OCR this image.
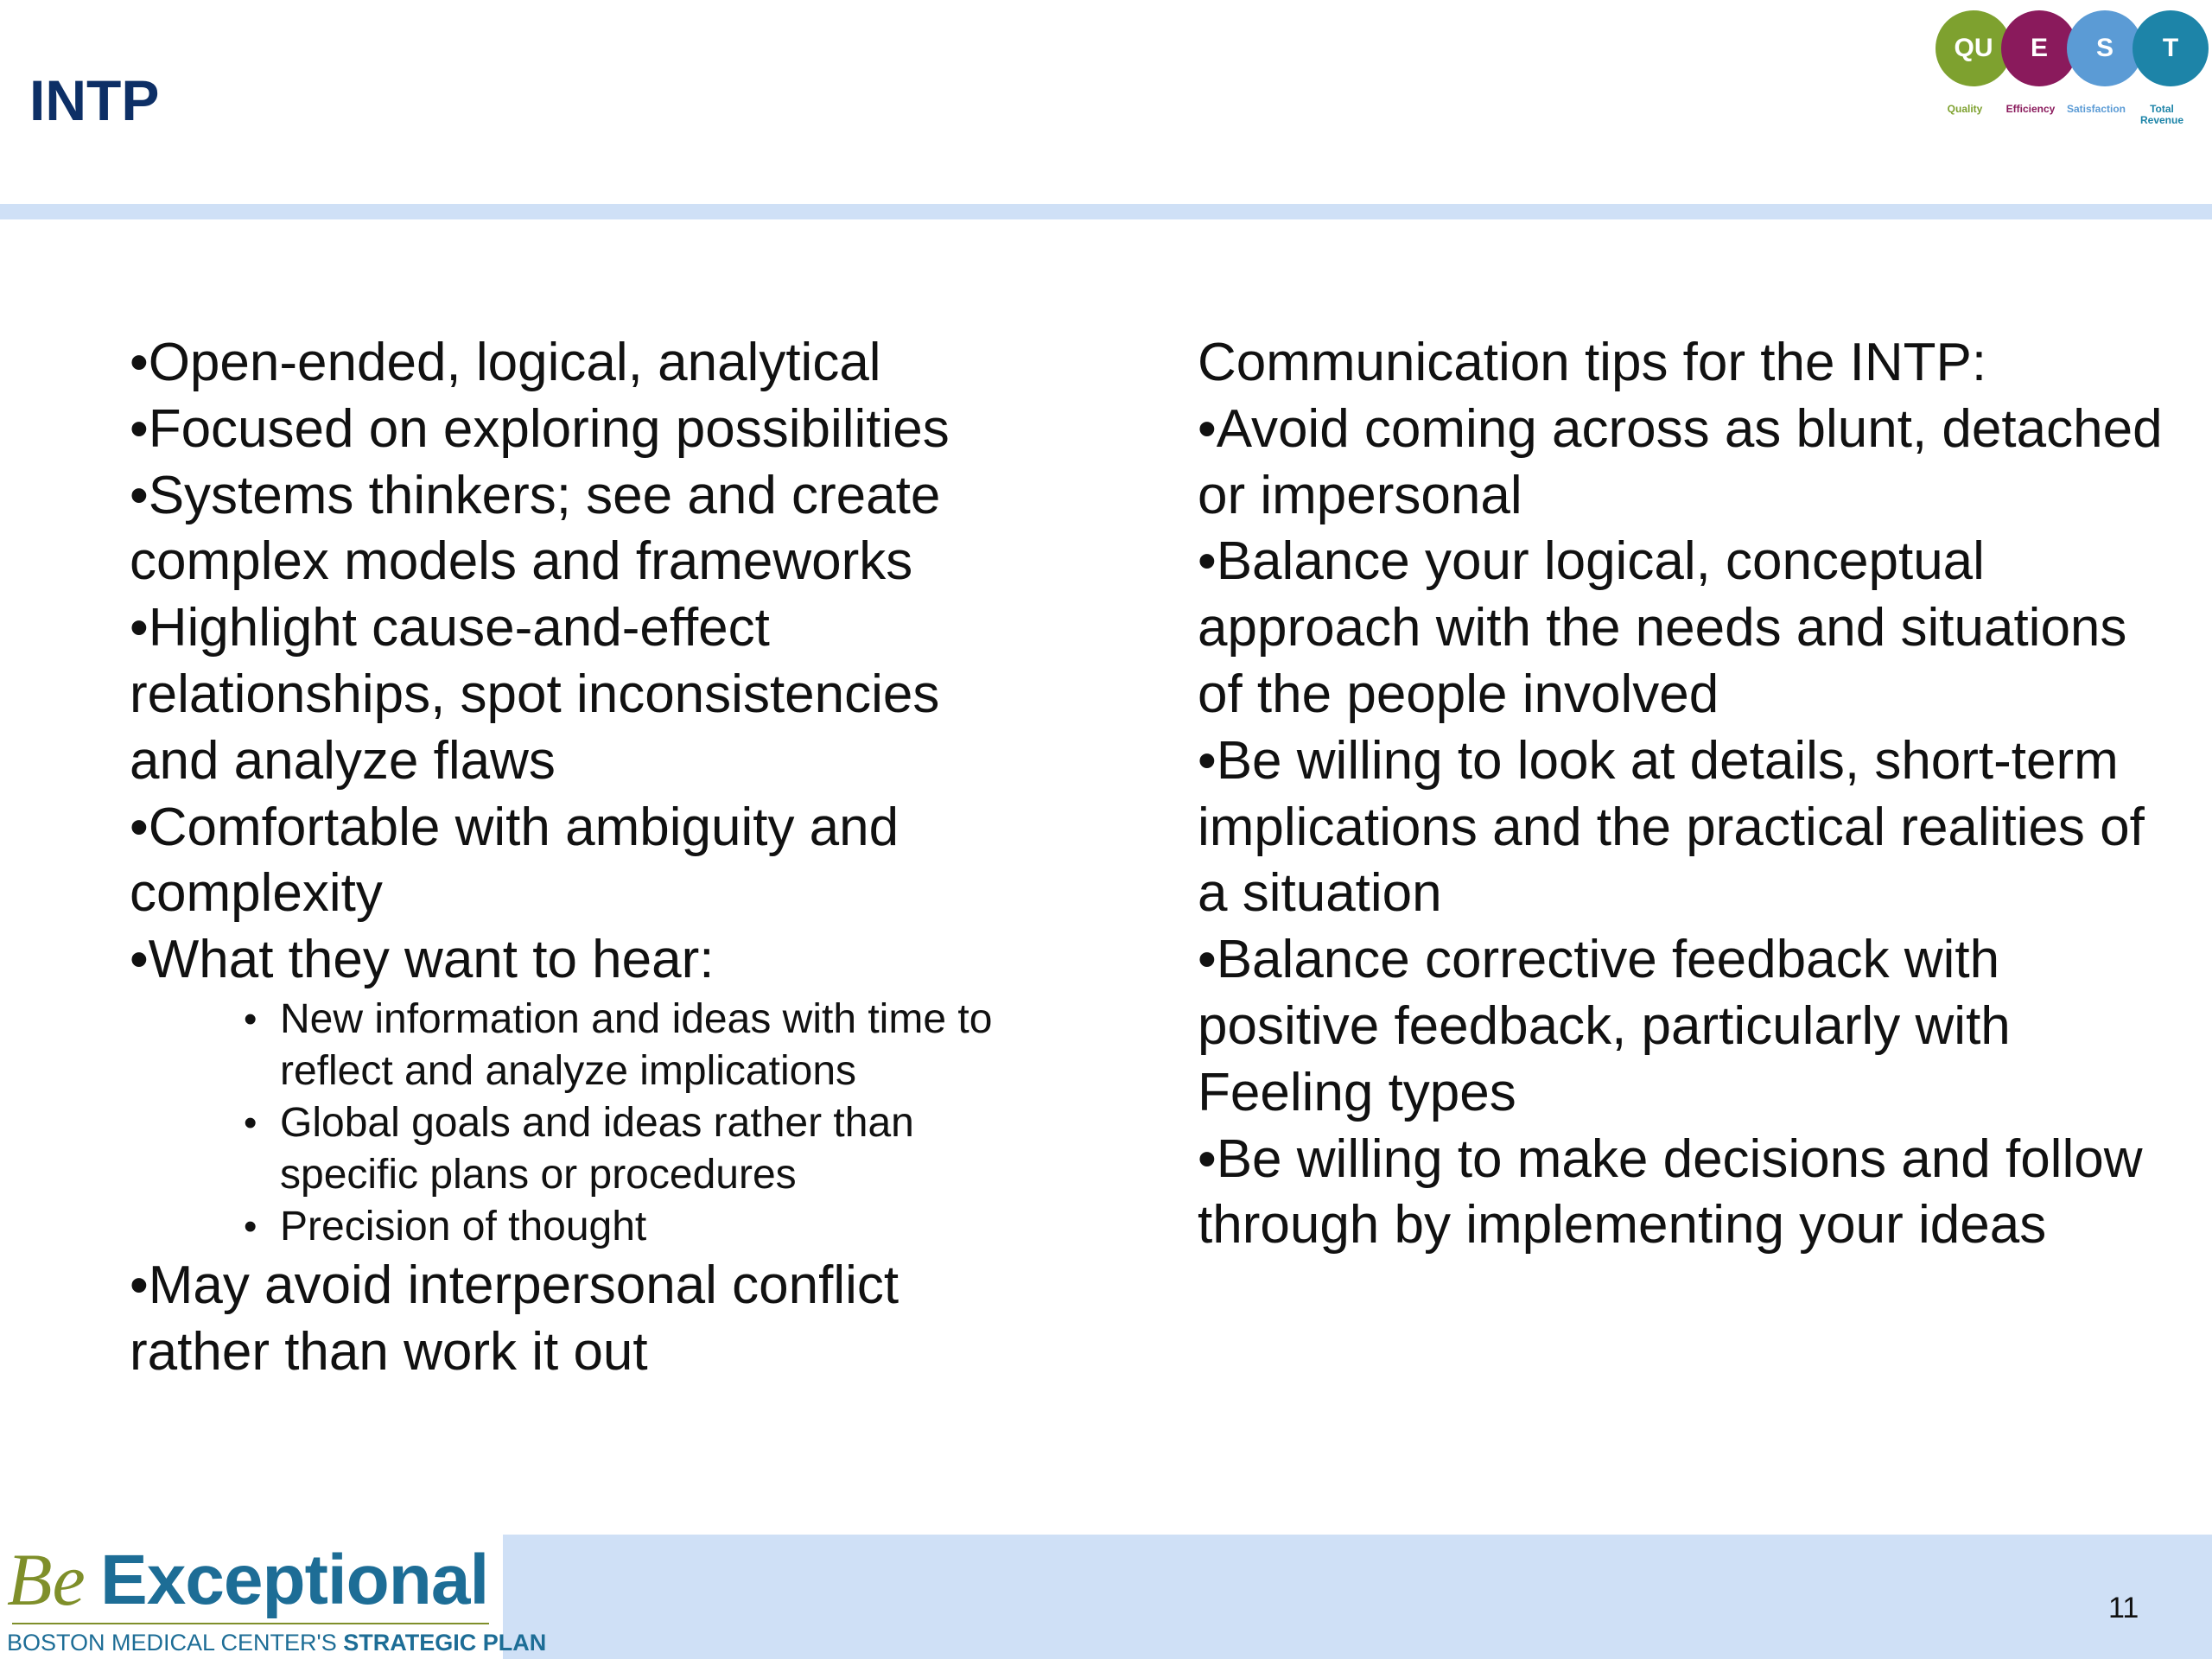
INTP
QU	E	S	T
Quality	Efficiency	Satisfaction	Total Revenue

•Open-ended, logical, analytical

•Focused on exploring possibilities

•Systems thinkers; see and create complex models and frameworks

•Highlight cause-and-effect relationships, spot inconsistencies and analyze flaws

•Comfortable with ambiguity and complexity

•What they want to hear:

• New information and ideas with time to reflect and analyze implications
• Global goals and ideas rather than specific plans or procedures
• Precision of thought

•May avoid interpersonal conflict rather than work it out

Communication tips for the INTP:

•Avoid coming across as blunt, detached or impersonal

•Balance your logical, conceptual approach with the needs and situations of the people involved

•Be willing to look at details, short-term implications and the practical realities of a situation

•Balance corrective feedback with positive feedback, particularly with Feeling types

•Be willing to make decisions and follow through by implementing your ideas

Be Exceptional
BOSTON MEDICAL CENTER'S STRATEGIC PLAN
11
